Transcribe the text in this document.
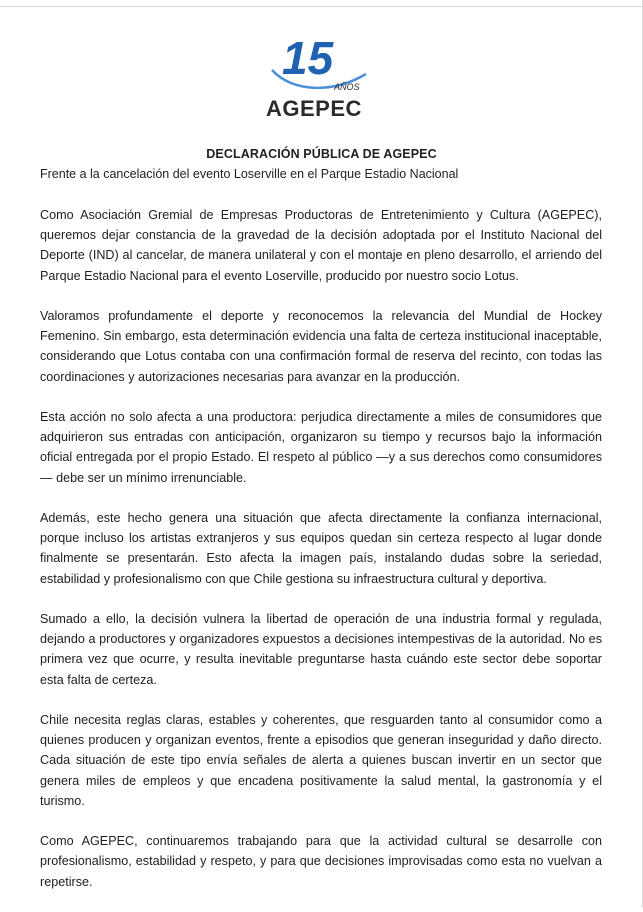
15
AÑOS
AGEPEC
DECLARACIÓN PÚBLICA DE AGEPEC
Frente a la cancelación del evento Loserville en el Parque Estadio Nacional

Como Asociación Gremial de Empresas Productoras de Entretenimiento y Cultura (AGEPEC), queremos dejar constancia de la gravedad de la decisión adoptada por el Instituto Nacional del Deporte (IND) al cancelar, de manera unilateral y con el montaje en pleno desarrollo, el arriendo del Parque Estadio Nacional para el evento Loserville, producido por nuestro socio Lotus.

Valoramos profundamente el deporte y reconocemos la relevancia del Mundial de Hockey Femenino. Sin embargo, esta determinación evidencia una falta de certeza institucional inaceptable, considerando que Lotus contaba con una confirmación formal de reserva del recinto, con todas las coordinaciones y autorizaciones necesarias para avanzar en la producción.

Esta acción no solo afecta a una productora: perjudica directamente a miles de consumidores que adquirieron sus entradas con anticipación, organizaron su tiempo y recursos bajo la información oficial entregada por el propio Estado. El respeto al público —y a sus derechos como consumidores— debe ser un mínimo irrenunciable.

Además, este hecho genera una situación que afecta directamente la confianza internacional, porque incluso los artistas extranjeros y sus equipos quedan sin certeza respecto al lugar donde finalmente se presentarán. Esto afecta la imagen país, instalando dudas sobre la seriedad, estabilidad y profesionalismo con que Chile gestiona su infraestructura cultural y deportiva.

Sumado a ello, la decisión vulnera la libertad de operación de una industria formal y regulada, dejando a productores y organizadores expuestos a decisiones intempestivas de la autoridad. No es primera vez que ocurre, y resulta inevitable preguntarse hasta cuándo este sector debe soportar esta falta de certeza.

Chile necesita reglas claras, estables y coherentes, que resguarden tanto al consumidor como a quienes producen y organizan eventos, frente a episodios que generan inseguridad y daño directo. Cada situación de este tipo envía señales de alerta a quienes buscan invertir en un sector que genera miles de empleos y que encadena positivamente la salud mental, la gastronomía y el turismo.

Como AGEPEC, continuaremos trabajando para que la actividad cultural se desarrolle con profesionalismo, estabilidad y respeto, y para que decisiones improvisadas como esta no vuelvan a repetirse.
